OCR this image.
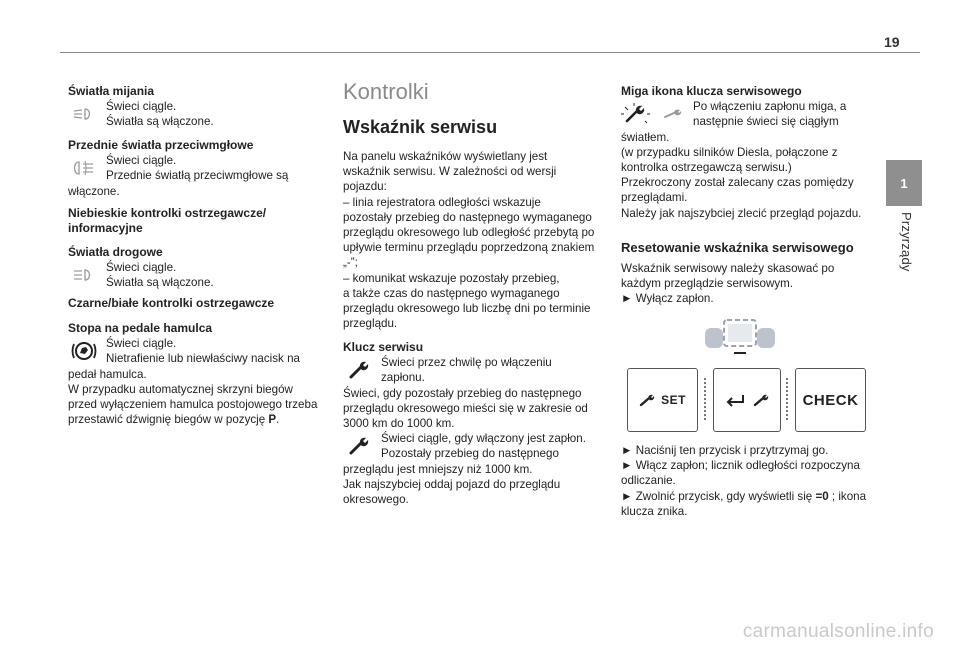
19
1
Przyrządy

Światła mijania

Świeci ciągle.

Światła są włączone.

Przednie światła przeciwmgłowe

Świeci ciągle.

Przednie światłą przeciwmgłowe są

włączone.

Niebieskie kontrolki ostrzegawcze/

informacyjne

Światła drogowe

Świeci ciągle.

Światła są włączone.

Czarne/białe kontrolki ostrzegawcze

Stopa na pedale hamulca

Świeci ciągle.

Nietrafienie lub niewłaściwy nacisk na

pedał hamulca.

W przypadku automatycznej skrzyni biegów

przed wyłączeniem hamulca postojowego trzeba

przestawić dźwignię biegów w pozycję P.

Kontrolki

Wskaźnik serwisu

Na panelu wskaźników wyświetlany jest

wskaźnik serwisu. W zależności od wersji

pojazdu:

– linia rejestratora odległości wskazuje

pozostały przebieg do następnego wymaganego

przeglądu okresowego lub odległość przebytą po

upływie terminu przeglądu poprzedzoną znakiem

„-”;

– komunikat wskazuje pozostały przebieg,

a także czas do następnego wymaganego

przeglądu okresowego lub liczbę dni po terminie

przeglądu.

Klucz serwisu

Świeci przez chwilę po włączeniu

zapłonu.

Świeci, gdy pozostały przebieg do następnego

przeglądu okresowego mieści się w zakresie od

3000 km do 1000 km.

Świeci ciągle, gdy włączony jest zapłon.

Pozostały przebieg do następnego

przeglądu jest mniejszy niż 1000 km.

Jak najszybciej oddaj pojazd do przeglądu

okresowego.

Miga ikona klucza serwisowego

Po włączeniu zapłonu miga, a

następnie świeci się ciągłym

światłem.

(w przypadku silników Diesla, połączone z

kontrolka ostrzegawczą serwisu.)

Przekroczony został zalecany czas pomiędzy

przeglądami.

Należy jak najszybciej zlecić przegląd pojazdu.

Resetowanie wskaźnika serwisowego

Wskaźnik serwisowy należy skasować po

każdym przeglądzie serwisowym.

► Wyłącz zapłon.

SET	CHECK

► Naciśnij ten przycisk i przytrzymaj go.

► Włącz zapłon; licznik odległości rozpoczyna

odliczanie.

► Zwolnić przycisk, gdy wyświetli się =0 ; ikona

klucza znika.

carmanualsonline.info
